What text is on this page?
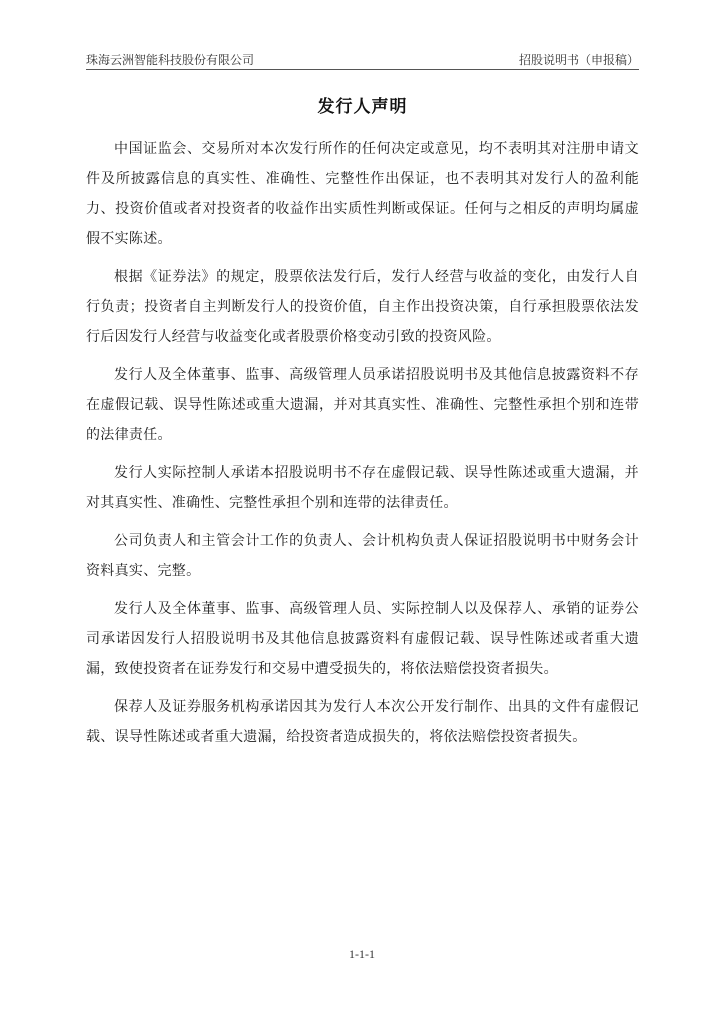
珠海云洲智能科技股份有限公司	招股说明书（申报稿）
发行人声明

中国证监会、交易所对本次发行所作的任何决定或意见，均不表明其对注册申请文件及所披露信息的真实性、准确性、完整性作出保证，也不表明其对发行人的盈利能力、投资价值或者对投资者的收益作出实质性判断或保证。任何与之相反的声明均属虚假不实陈述。

根据《证券法》的规定，股票依法发行后，发行人经营与收益的变化，由发行人自行负责；投资者自主判断发行人的投资价值，自主作出投资决策，自行承担股票依法发行后因发行人经营与收益变化或者股票价格变动引致的投资风险。

发行人及全体董事、监事、高级管理人员承诺招股说明书及其他信息披露资料不存在虚假记载、误导性陈述或重大遗漏，并对其真实性、准确性、完整性承担个别和连带的法律责任。

发行人实际控制人承诺本招股说明书不存在虚假记载、误导性陈述或重大遗漏，并对其真实性、准确性、完整性承担个别和连带的法律责任。

公司负责人和主管会计工作的负责人、会计机构负责人保证招股说明书中财务会计资料真实、完整。

发行人及全体董事、监事、高级管理人员、实际控制人以及保荐人、承销的证券公司承诺因发行人招股说明书及其他信息披露资料有虚假记载、误导性陈述或者重大遗漏，致使投资者在证券发行和交易中遭受损失的，将依法赔偿投资者损失。

保荐人及证券服务机构承诺因其为发行人本次公开发行制作、出具的文件有虚假记载、误导性陈述或者重大遗漏，给投资者造成损失的，将依法赔偿投资者损失。

1-1-1
